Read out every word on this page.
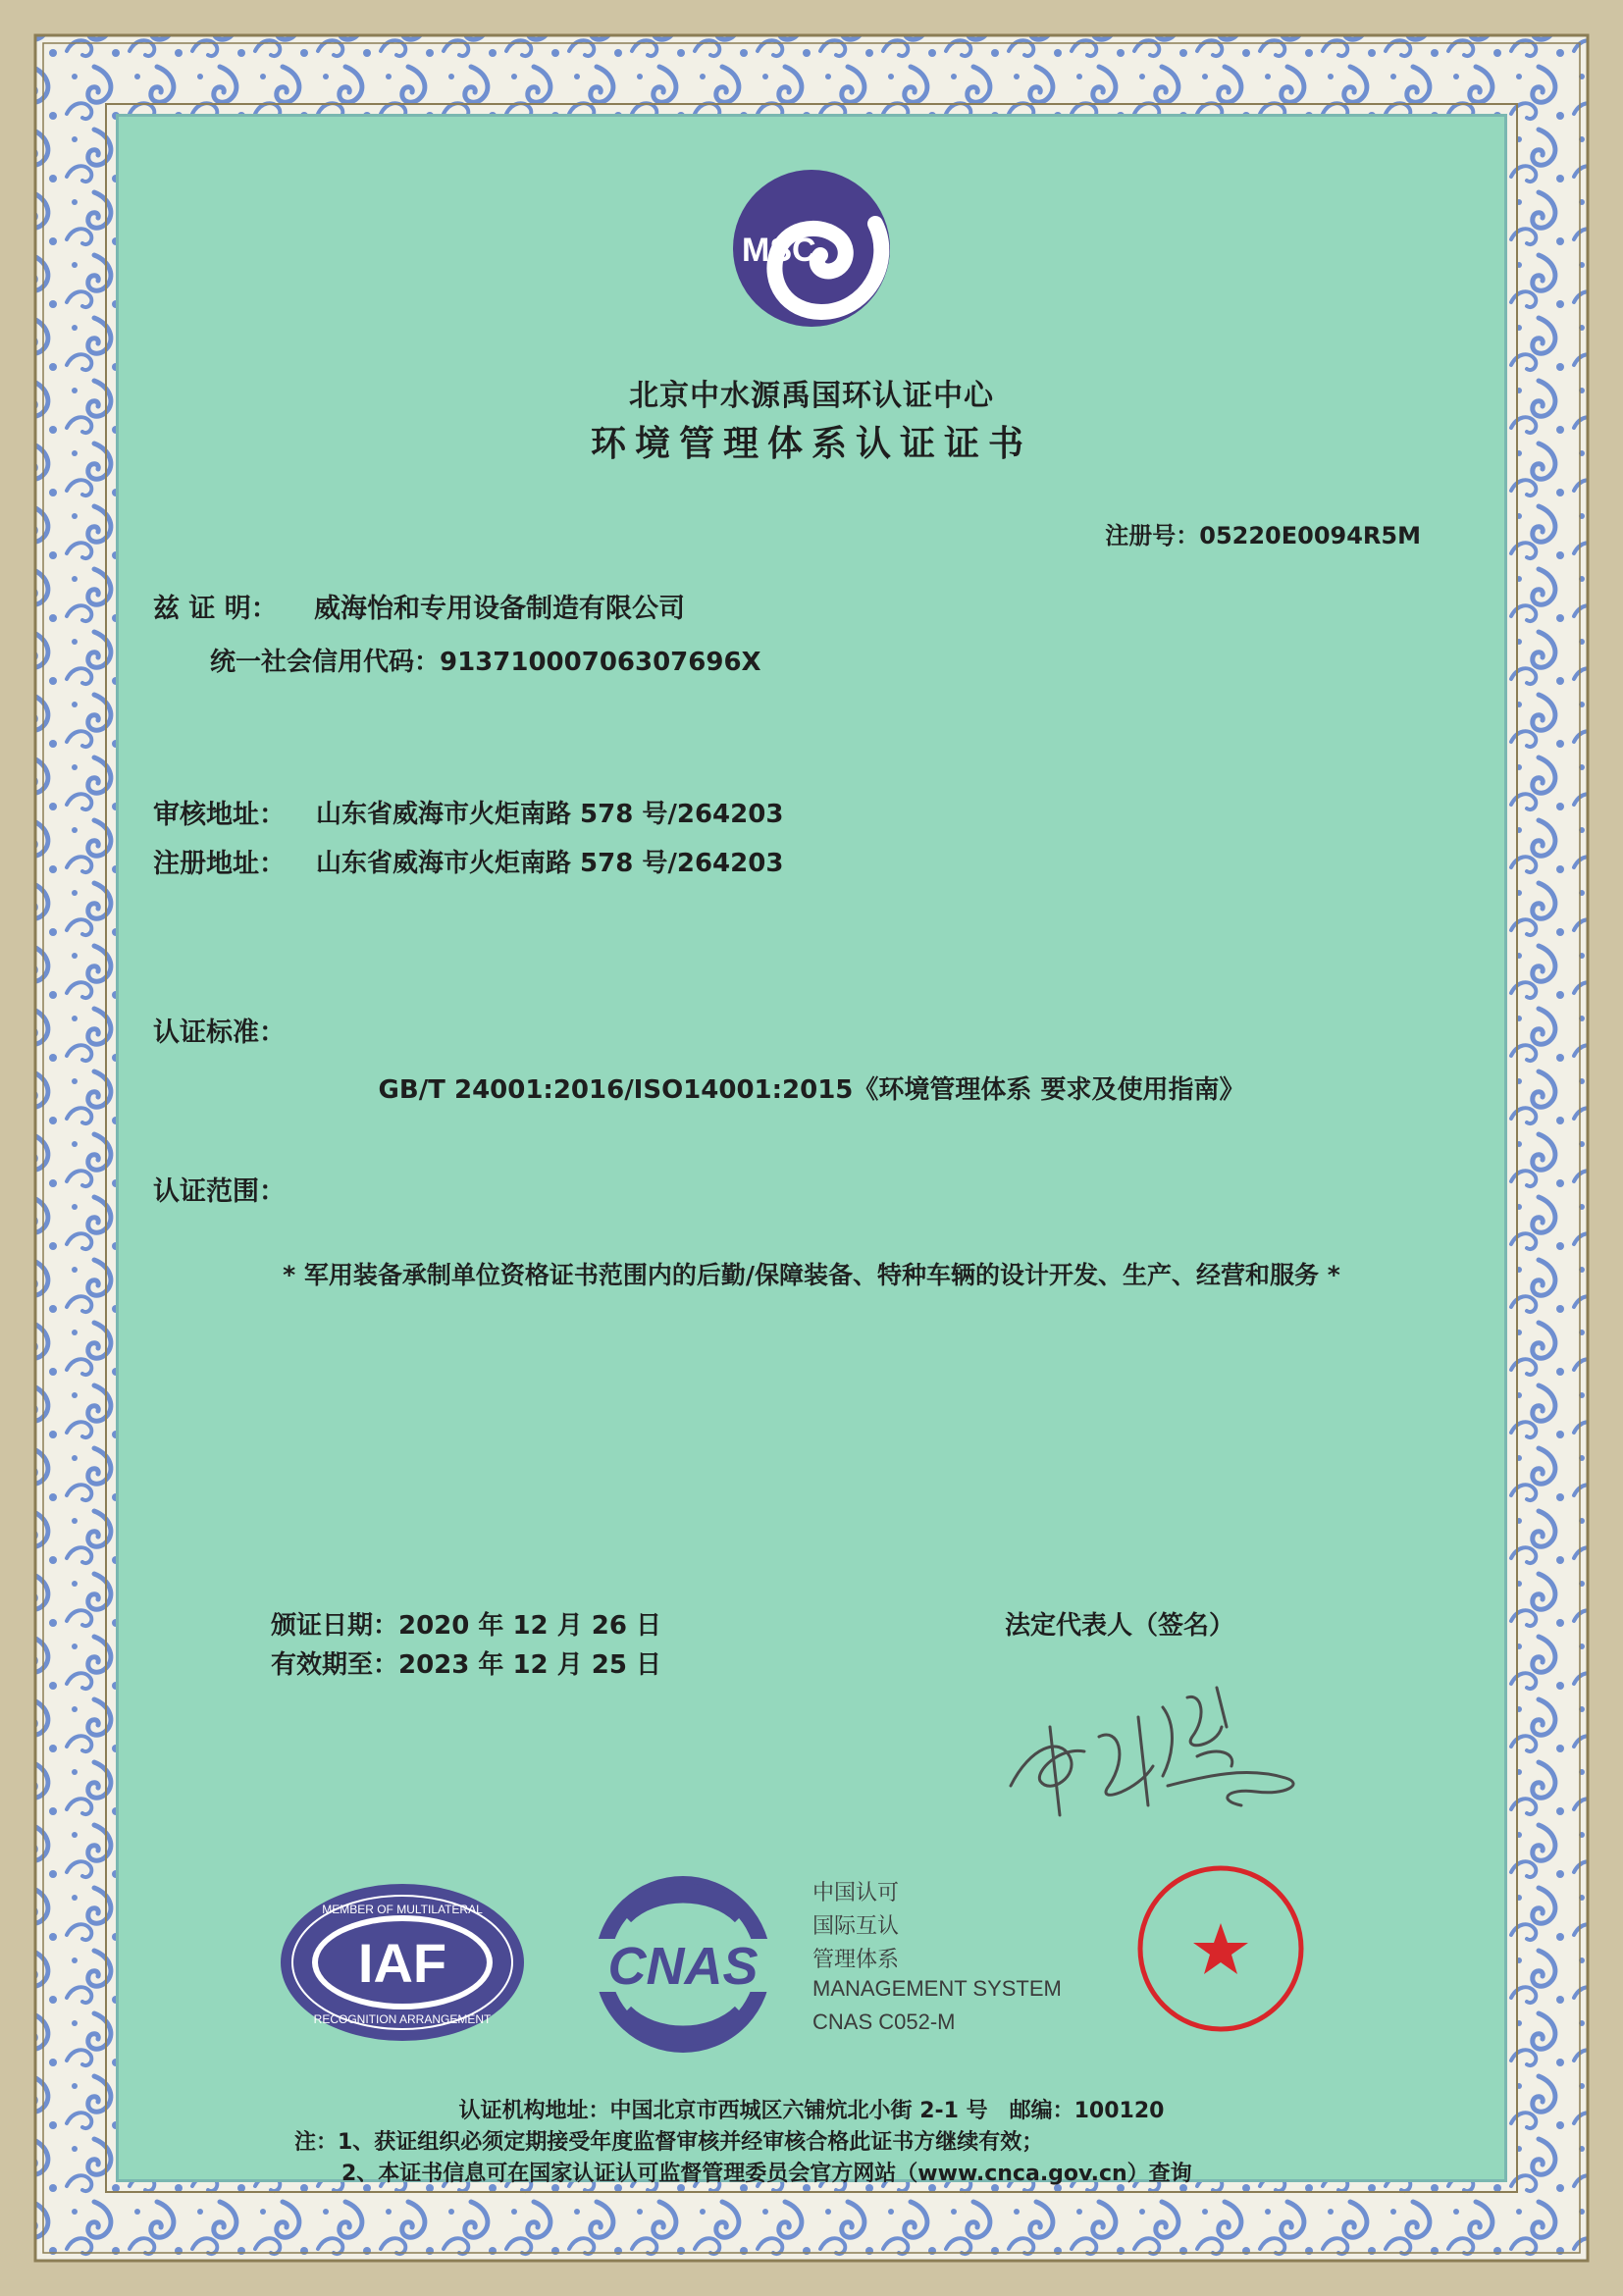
MSC
北京中水源禹国环认证中心
环境管理体系认证证书
注册号：05220E0094R5M
兹 证 明： 威海怡和专用设备制造有限公司
统一社会信用代码：91371000706307696X
审核地址： 山东省威海市火炬南路 578 号/264203
注册地址： 山东省威海市火炬南路 578 号/264203
认证标准：
GB/T 24001:2016/ISO14001:2015《环境管理体系 要求及使用指南》
认证范围：
* 军用装备承制单位资格证书范围内的后勤/保障装备、特种车辆的设计开发、生产、经营和服务 *
颁证日期：2020 年 12 月 26 日
有效期至：2023 年 12 月 25 日
法定代表人（签名）
IAF
MEMBER OF MULTILATERAL
RECOGNITION ARRANGEMENT
CNAS
中国认可
国际互认
管理体系
MANAGEMENT SYSTEM
CNAS C052-M
认证机构地址：中国北京市西城区六铺炕北小街 2-1 号　邮编：100120
注：1、获证组织必须定期接受年度监督审核并经审核合格此证书方继续有效；
2、本证书信息可在国家认证认可监督管理委员会官方网站（www.cnca.gov.cn）查询
